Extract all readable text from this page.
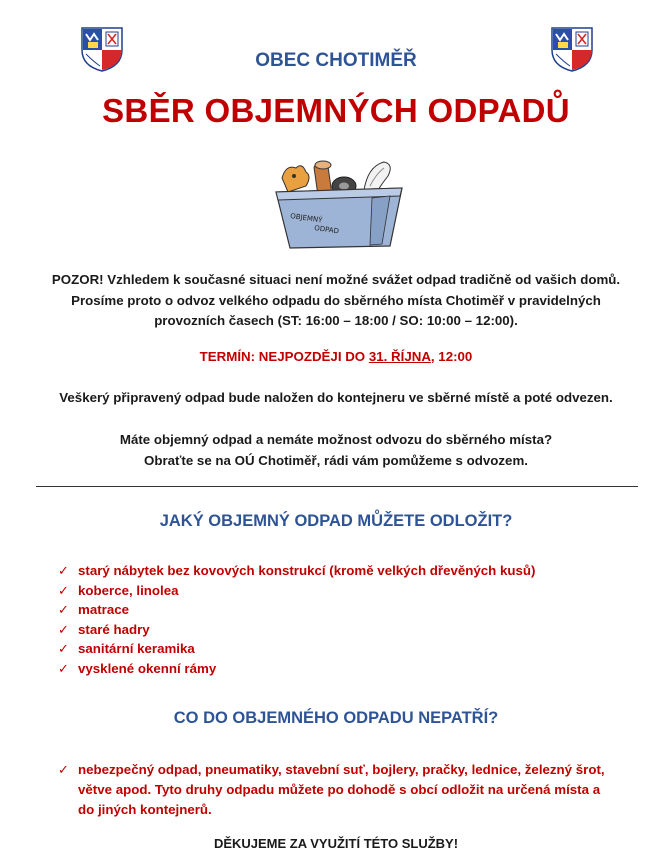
OBEC CHOTIMĚŘ
SBĚR OBJEMNÝCH ODPADŮ
OBJEMNÝ
ODPAD
POZOR! Vzhledem k současné situaci není možné svážet odpad tradičně od vašich domů.
Prosíme proto o odvoz velkého odpadu do sběrného místa Chotiměř v pravidelných
provozních časech (ST: 16:00 – 18:00 / SO: 10:00 – 12:00).
TERMÍN: NEJPOZDĚJI DO 31. ŘÍJNA, 12:00
Veškerý připravený odpad bude naložen do kontejneru ve sběrné místě a poté odvezen.
Máte objemný odpad a nemáte možnost odvozu do sběrného místa?
Obraťte se na OÚ Chotiměř, rádi vám pomůžeme s odvozem.
JAKÝ OBJEMNÝ ODPAD MŮŽETE ODLOŽIT?
✓ starý nábytek bez kovových konstrukcí (kromě velkých dřevěných kusů)
✓ koberce, linolea
✓ matrace
✓ staré hadry
✓ sanitární keramika
✓ vysklené okenní rámy
CO DO OBJEMNÉHO ODPADU NEPATŘÍ?
✓ nebezpečný odpad, pneumatiky, stavební suť, bojlery, pračky, lednice, železný šrot,
větve apod. Tyto druhy odpadu můžete po dohodě s obcí odložit na určená místa a
do jiných kontejnerů.
DĚKUJEME ZA VYUŽITÍ TÉTO SLUŽBY!
